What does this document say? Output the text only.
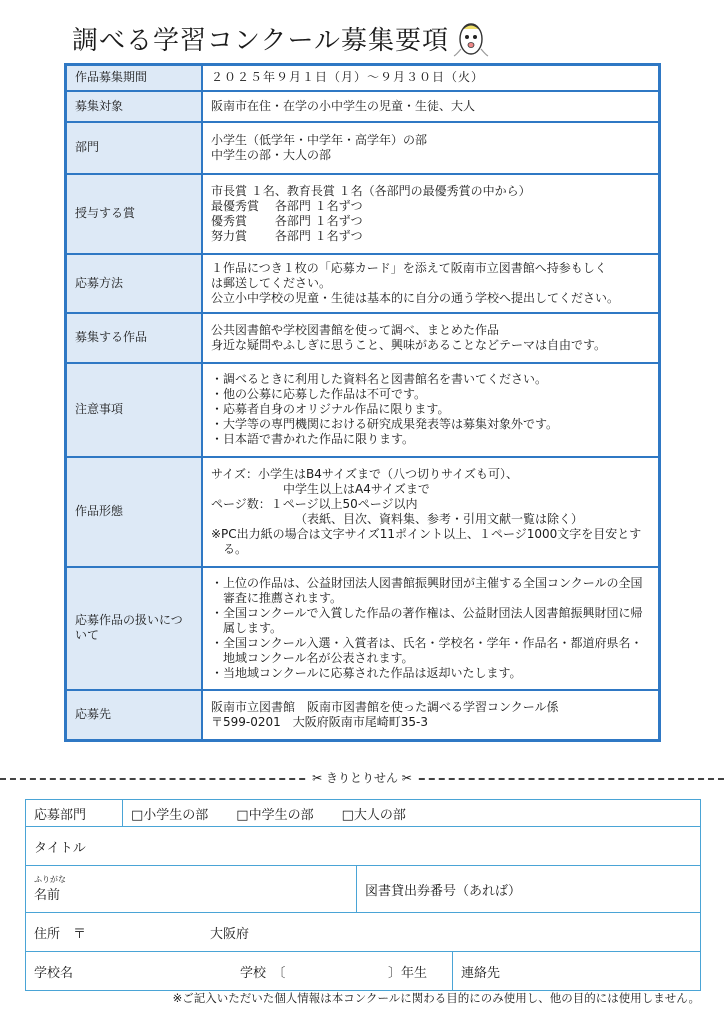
調べる学習コンクール募集要項
作品募集期間	２０２５年９月１日（月）～９月３０日（火）

募集対象	阪南市在住・在学の小中学生の児童・生徒、大人

部門	小学生（低学年・中学年・高学年）の部
中学生の部・大人の部

授与する賞	市長賞 １名、教育長賞 １名（各部門の最優秀賞の中から）
最優秀賞　 各部門 １名ずつ
優秀賞　　 各部門 １名ずつ
努力賞　　 各部門 １名ずつ

応募方法	１作品につき１枚の「応募カード」を添えて阪南市立図書館へ持参もしく
は郵送してください。
公立小中学校の児童・生徒は基本的に自分の通う学校へ提出してください。

募集する作品	公共図書館や学校図書館を使って調べ、まとめた作品
身近な疑問やふしぎに思うこと、興味があることなどテーマは自由です。

注意事項	・調べるときに利用した資料名と図書館名を書いてください。
・他の公募に応募した作品は不可です。
・応募者自身のオリジナル作品に限ります。
・大学等の専門機関における研究成果発表等は募集対象外です。
・日本語で書かれた作品に限ります。

作品形態	サイズ：小学生はB4サイズまで（八つ切りサイズも可）、
中学生以上はA4サイズまで
ページ数：１ページ以上50ページ以内
（表紙、目次、資料集、参考・引用文献一覧は除く）
※PC出力紙の場合は文字サイズ11ポイント以上、１ページ1000文字を目安とする。

応募作品の扱いについて	・上位の作品は、公益財団法人図書館振興財団が主催する全国コンクールの全国審査に推薦されます。
・全国コンクールで入賞した作品の著作権は、公益財団法人図書館振興財団に帰属します。
・全国コンクール入選・入賞者は、氏名・学校名・学年・作品名・都道府県名・地域コンクール名が公表されます。
・当地域コンクールに応募された作品は返却いたします。

応募先	阪南市立図書館　阪南市図書館を使った調べる学習コンクール係
〒599-0201　大阪府阪南市尾崎町35-3
✂ きりとりせん ✂
応募部門	□小学生の部 □中学生の部 □大人の部
タイトル
ふりがな
名前	図書貸出券番号（あれば）
住所　〒	大阪府
学校名	学校　〔	〕年生	連絡先
※ご記入いただいた個人情報は本コンクールに関わる目的にのみ使用し、他の目的には使用しません。
